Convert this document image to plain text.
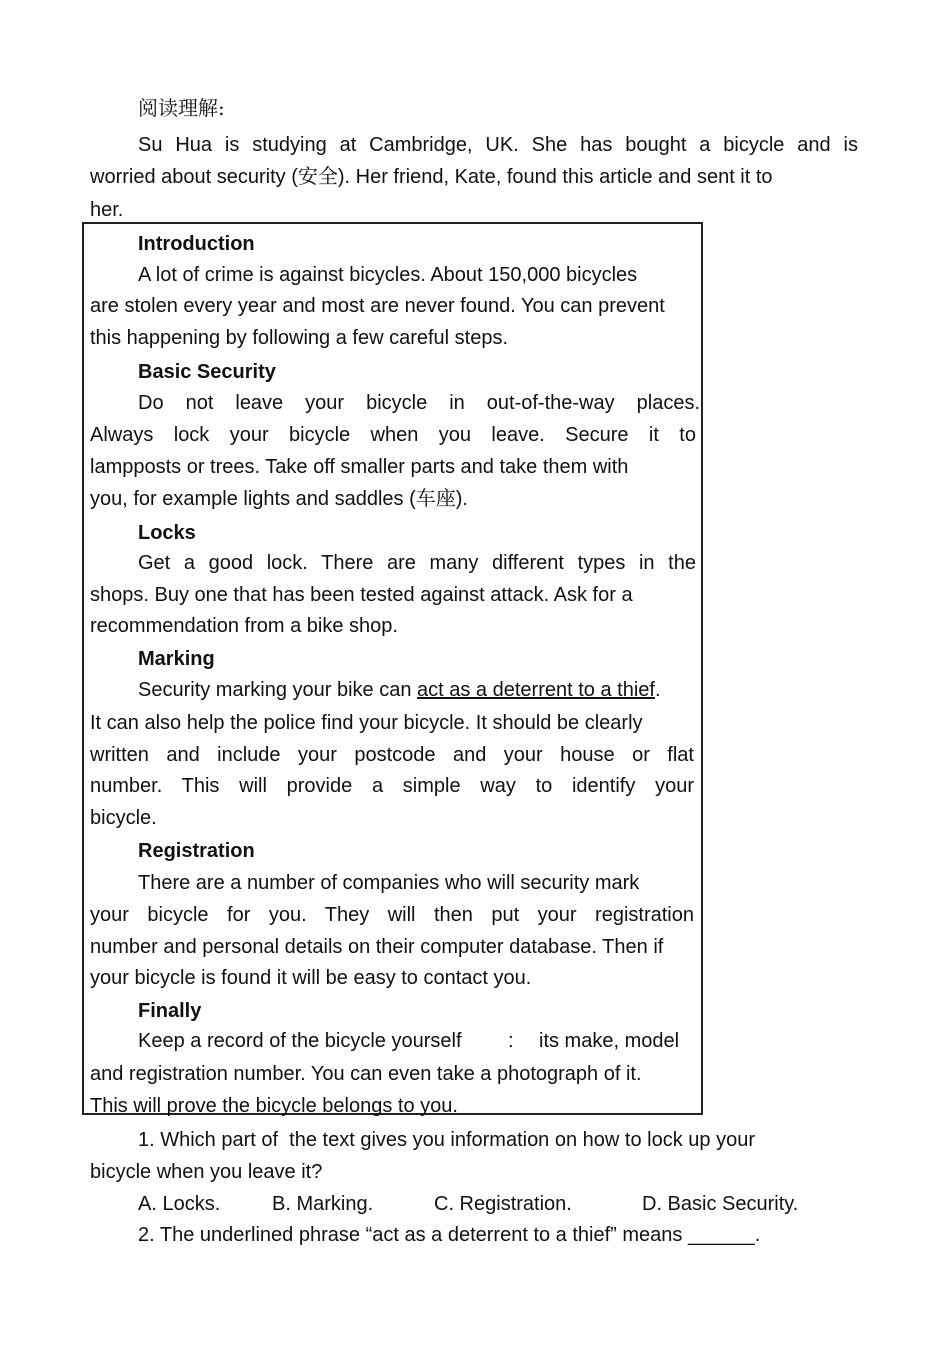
阅读理解:
Su Hua is studying at Cambridge, UK. She has bought a bicycle and is
worried about security (安全). Her friend, Kate, found this article and sent it to
her.
Introduction
A lot of crime is against bicycles. About 150,000 bicycles
are stolen every year and most are never found. You can prevent
this happening by following a few careful steps.
Basic Security
Do not leave your bicycle in out-of-the-way places.
Always lock your bicycle when you leave. Secure it to
lampposts or trees. Take off smaller parts and take them with
you, for example lights and saddles (车座).
Locks
Get a good lock. There are many different types in the
shops. Buy one that has been tested against attack. Ask for a
recommendation from a bike shop.
Marking
Security marking your bike can act as a deterrent to a thief.
It can also help the police find your bicycle. It should be clearly
written and include your postcode and your house or flat
number. This will provide a simple way to identify your
bicycle.
Registration
There are a number of companies who will security mark
your bicycle for you. They will then put your registration
number and personal details on their computer database. Then if
your bicycle is found it will be easy to contact you.
Finally
Keep a record of the bicycle yourself : its make, model
and registration number. You can even take a photograph of it.
This will prove the bicycle belongs to you.
1. Which part of  the text gives you information on how to lock up your
bicycle when you leave it?
A. Locks.	B. Marking.	C. Registration.	D. Basic Security.
2. The underlined phrase “act as a deterrent to a thief” means ______.
